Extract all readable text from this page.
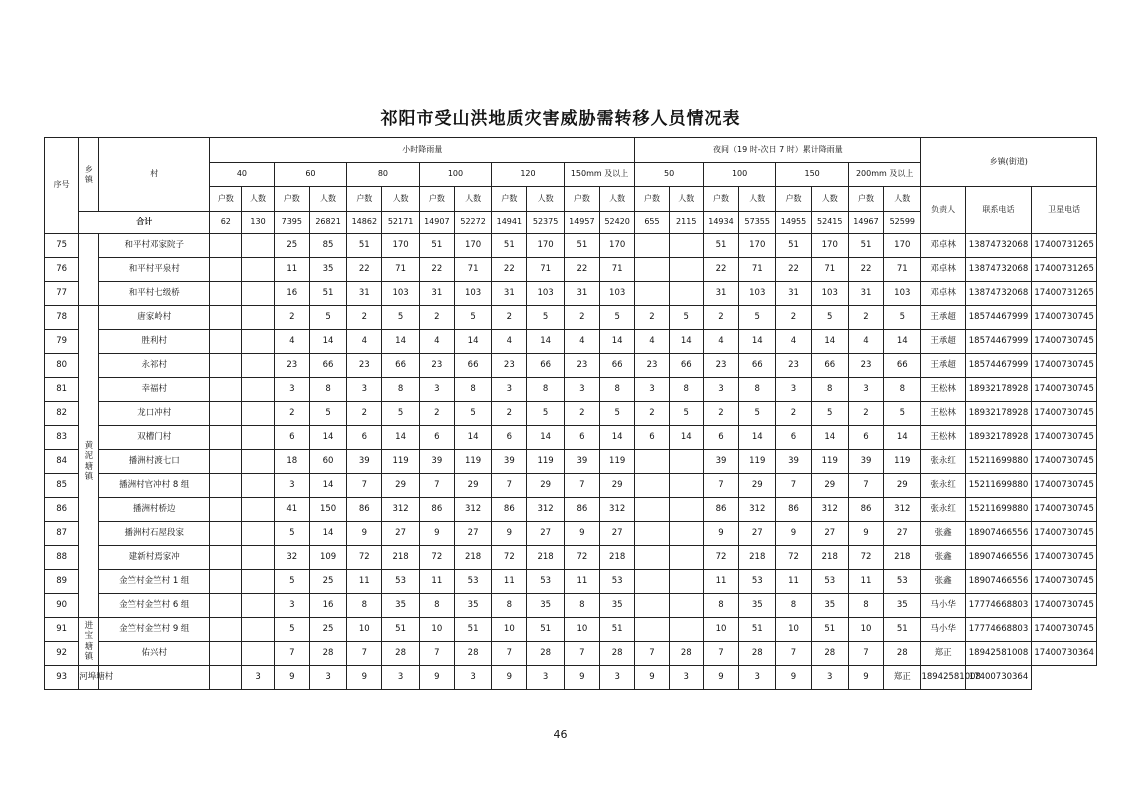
祁阳市受山洪地质灾害威胁需转移人员情况表
序号	乡镇	村	小时降雨量												夜间（19 时-次日 7 时）累计降雨量								乡镇(街道)		
			40		60		80		100		120		150mm 及以上		50		100		150		200mm 及以上				
			户数	人数	户数	人数	户数	人数	户数	人数	户数	人数	户数	人数	户数	人数	户数	人数	户数	人数	户数	人数	负责人	联系电话	卫星电话
	合计		62	130	7395	26821	14862	52171	14907	52272	14941	52375	14957	52420	655	2115	14934	57355	14955	52415	14967	52599			
75		和平村邓家院子			25	85	51	170	51	170	51	170	51	170			51	170	51	170	51	170	邓卓林	13874732068	17400731265
76		和平村平泉村			11	35	22	71	22	71	22	71	22	71			22	71	22	71	22	71	邓卓林	13874732068	17400731265
77		和平村七级桥			16	51	31	103	31	103	31	103	31	103			31	103	31	103	31	103	邓卓林	13874732068	17400731265
78	黄泥塘镇	唐家岭村			2	5	2	5	2	5	2	5	2	5	2	5	2	5	2	5	2	5	王承超	18574467999	17400730745
79		胜利村			4	14	4	14	4	14	4	14	4	14	4	14	4	14	4	14	4	14	王承超	18574467999	17400730745
80		永祁村			23	66	23	66	23	66	23	66	23	66	23	66	23	66	23	66	23	66	王承超	18574467999	17400730745
81		幸福村			3	8	3	8	3	8	3	8	3	8	3	8	3	8	3	8	3	8	王松林	18932178928	17400730745
82		龙口冲村			2	5	2	5	2	5	2	5	2	5	2	5	2	5	2	5	2	5	王松林	18932178928	17400730745
83		双槽门村			6	14	6	14	6	14	6	14	6	14	6	14	6	14	6	14	6	14	王松林	18932178928	17400730745
84		播洲村渡七口			18	60	39	119	39	119	39	119	39	119			39	119	39	119	39	119	张永红	15211699880	17400730745
85		播洲村官冲村 8 组			3	14	7	29	7	29	7	29	7	29			7	29	7	29	7	29	张永红	15211699880	17400730745
86		播洲村桥边			41	150	86	312	86	312	86	312	86	312			86	312	86	312	86	312	张永红	15211699880	17400730745
87		播洲村石屋段家			5	14	9	27	9	27	9	27	9	27			9	27	9	27	9	27	张鑫	18907466556	17400730745
88		建新村焉家冲			32	109	72	218	72	218	72	218	72	218			72	218	72	218	72	218	张鑫	18907466556	17400730745
89		金竺村金竺村 1 组			5	25	11	53	11	53	11	53	11	53			11	53	11	53	11	53	张鑫	18907466556	17400730745
90		金竺村金竺村 6 组			3	16	8	35	8	35	8	35	8	35			8	35	8	35	8	35	马小华	17774668803	17400730745
91	进宝塘镇	金竺村金竺村 9 组			5	25	10	51	10	51	10	51	10	51			10	51	10	51	10	51	马小华	17774668803	17400730745
92		佑兴村			7	28	7	28	7	28	7	28	7	28	7	28	7	28	7	28	7	28	郑正	18942581008	17400730364
93	河埠塘村			3	9	3	9	3	9	3	9	3	9	3	9	3	9	3	9	3	9	郑正	18942581008	17400730364	
46
